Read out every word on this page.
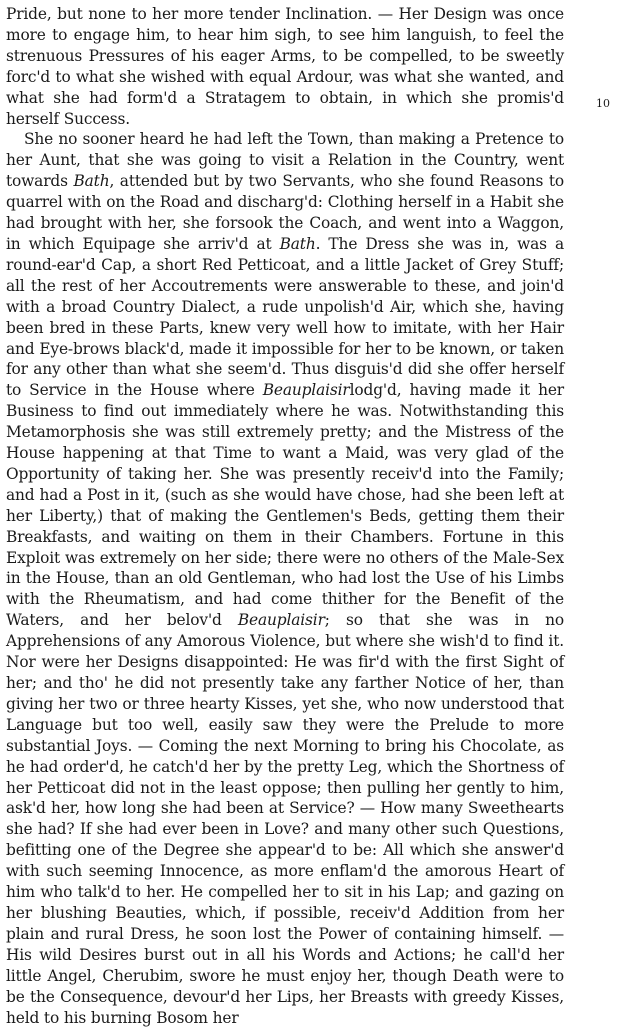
Pride, but none to her more tender Inclination. — Her Design was once more to engage him, to hear him sigh, to see him languish, to feel the strenuous Pressures of his eager Arms, to be compelled, to be sweetly forc'd to what she wished with equal Ardour, was what she wanted, and what she had form'd a Stratagem to obtain, in which she promis'd herself Success.

She no sooner heard he had left the Town, than making a Pretence to her Aunt, that she was going to visit a Relation in the Country, went towards Bath, attended but by two Servants, who she found Reasons to quarrel with on the Road and discharg'd: Clothing herself in a Habit she had brought with her, she forsook the Coach, and went into a Waggon, in which Equipage she arriv'd at Bath. The Dress she was in, was a round-ear'd Cap, a short Red Petticoat, and a little Jacket of Grey Stuff; all the rest of her Accoutrements were answerable to these, and join'd with a broad Country Dialect, a rude unpolish'd Air, which she, having been bred in these Parts, knew very well how to imitate, with her Hair and Eye-brows black'd, made it impossible for her to be known, or taken for any other than what she seem'd. Thus disguis'd did she offer herself to Service in the House where Beauplaisirlodg'd, having made it her Business to find out immediately where he was. Notwithstanding this Metamorphosis she was still extremely pretty; and the Mistress of the House happening at that Time to want a Maid, was very glad of the Opportunity of taking her. She was presently receiv'd into the Family; and had a Post in it, (such as she would have chose, had she been left at her Liberty,) that of making the Gentlemen's Beds, getting them their Breakfasts, and waiting on them in their Chambers. Fortune in this Exploit was extremely on her side; there were no others of the Male-Sex in the House, than an old Gentleman, who had lost the Use of his Limbs with the Rheumatism, and had come thither for the Benefit of the Waters, and her belov'd Beauplaisir; so that she was in no Apprehensions of any Amorous Violence, but where she wish'd to find it. Nor were her Designs disappointed: He was fir'd with the first Sight of her; and tho' he did not presently take any farther Notice of her, than giving her two or three hearty Kisses, yet she, who now understood that Language but too well, easily saw they were the Prelude to more substantial Joys. — Coming the next Morning to bring his Chocolate, as he had order'd, he catch'd her by the pretty Leg, which the Shortness of her Petticoat did not in the least oppose; then pulling her gently to him, ask'd her, how long she had been at Service? — How many Sweethearts she had? If she had ever been in Love? and many other such Questions, befitting one of the Degree she appear'd to be: All which she answer'd with such seeming Innocence, as more enflam'd the amorous Heart of him who talk'd to her. He compelled her to sit in his Lap; and gazing on her blushing Beauties, which, if possible, receiv'd Addition from her plain and rural Dress, he soon lost the Power of containing himself. — His wild Desires burst out in all his Words and Actions; he call'd her little Angel, Cherubim, swore he must enjoy her, though Death were to be the Consequence, devour'd her Lips, her Breasts with greedy Kisses, held to his burning Bosom her

10
